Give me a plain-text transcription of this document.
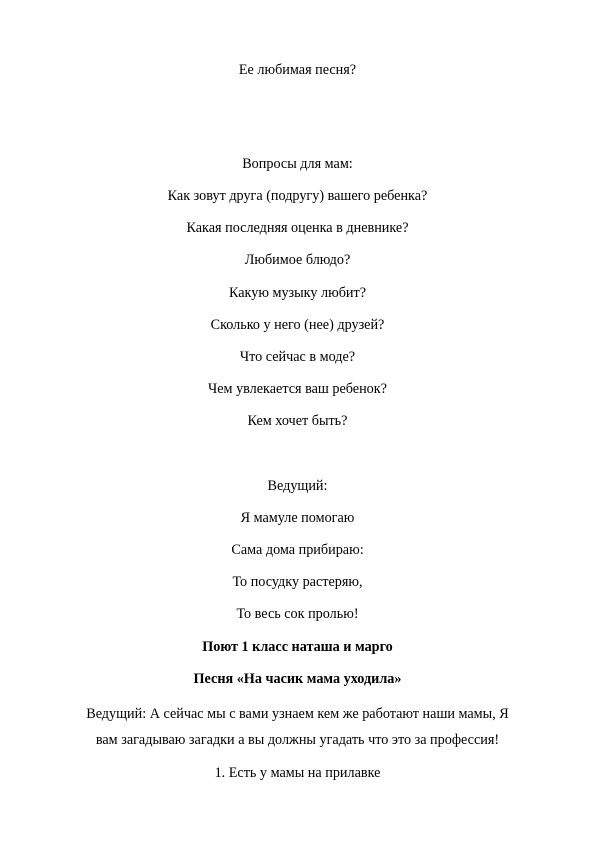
Ее любимая песня?
Вопросы для мам:
Как зовут друга (подругу) вашего ребенка?
Какая последняя оценка в дневнике?
Любимое блюдо?
Какую музыку любит?
Сколько у него (нее) друзей?
Что сейчас в моде?
Чем увлекается ваш ребенок?
Кем хочет быть?
Ведущий:
Я мамуле помогаю
Сама дома прибираю:
То посудку растеряю,
То весь сок пролью!
Поют 1 класс наташа и марго
Песня «На часик мама уходила»
Ведущий: А сейчас мы с вами узнаем кем же работают наши мамы, Я
вам загадываю загадки а вы должны угадать что это за профессия!
1. Есть у мамы на прилавке
